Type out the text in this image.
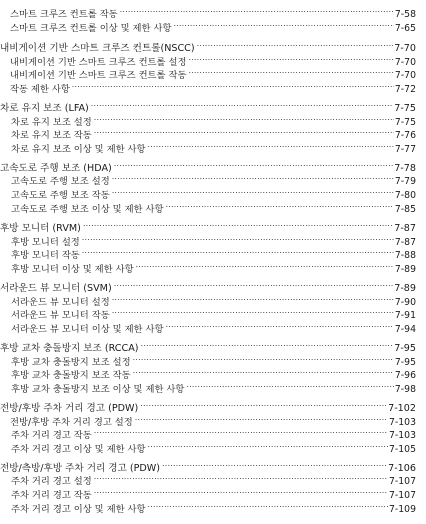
스마트 크루즈 컨트롤 작동 .....	7-58
스마트 크루즈 컨트롤 이상 및 제한 사항 .....	7-65
내비게이션 기반 스마트 크루즈 컨트롤(NSCC) .....	7-70
내비게이션 기반 스마트 크루즈 컨트롤 설정 .....	7-70
내비게이션 기반 스마트 크루즈 컨트롤 작동 .....	7-70
작동 제한 사항 .....	7-72
차로 유지 보조 (LFA) .....	7-75
차로 유지 보조 설정 .....	7-75
차로 유지 보조 작동 .....	7-76
차로 유지 보조 이상 및 제한 사항 .....	7-77
고속도로 주행 보조 (HDA) .....	7-78
고속도로 주행 보조 설정 .....	7-79
고속도로 주행 보조 작동 .....	7-80
고속도로 주행 보조 이상 및 제한 사항 .....	7-85
후방 모니터 (RVM) .....	7-87
후방 모니터 설정 .....	7-87
후방 모니터 작동 .....	7-88
후방 모니터 이상 및 제한 사항 .....	7-89
서라운드 뷰 모니터 (SVM) .....	7-89
서라운드 뷰 모니터 설정 .....	7-90
서라운드 뷰 모니터 작동 .....	7-91
서라운드 뷰 모니터 이상 및 제한 사항 .....	7-94
후방 교차 충돌방지 보조 (RCCA) .....	7-95
후방 교차 충돌방지 보조 설정 .....	7-95
후방 교차 충돌방지 보조 작동 .....	7-96
후방 교차 충돌방지 보조 이상 및 제한 사항 .....	7-98
전방/후방 주차 거리 경고 (PDW) .....	7-102
전방/후방 주차 거리 경고 설정 .....	7-103
주차 거리 경고 작동 .....	7-103
주차 거리 경고 이상 및 제한 사항 .....	7-105
전방/측방/후방 주차 거리 경고 (PDW) .....	7-106
주차 거리 경고 설정 .....	7-107
주차 거리 경고 작동 .....	7-107
주차 거리 경고 이상 및 제한 사항 .....	7-109
